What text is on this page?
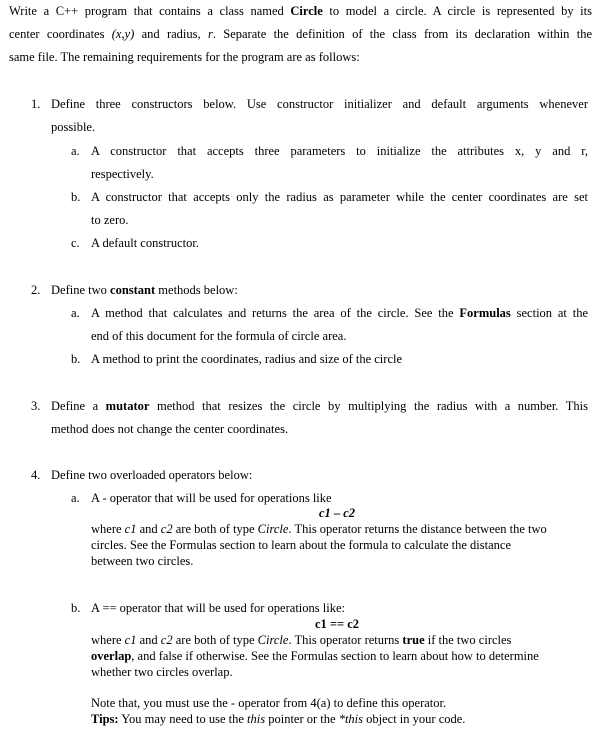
Write a C++ program that contains a class named Circle to model a circle. A circle is represented by its
center coordinates (x,y) and radius, r. Separate the definition of the class from its declaration within the
same file. The remaining requirements for the program are as follows:
1. Define three constructors below. Use constructor initializer and default arguments whenever
possible.
a. A constructor that accepts three parameters to initialize the attributes x, y and r,
respectively.
b. A constructor that accepts only the radius as parameter while the center coordinates are set
to zero.
c. A default constructor.
2. Define two constant methods below:
a. A method that calculates and returns the area of the circle. See the Formulas section at the
end of this document for the formula of circle area.
b. A method to print the coordinates, radius and size of the circle
3. Define a mutator method that resizes the circle by multiplying the radius with a number. This
method does not change the center coordinates.
4. Define two overloaded operators below:
a. A - operator that will be used for operations like
c1 – c2
where c1 and c2 are both of type Circle. This operator returns the distance between the two
circles. See the Formulas section to learn about the formula to calculate the distance
between two circles.
b. A == operator that will be used for operations like:
c1 == c2
where c1 and c2 are both of type Circle. This operator returns true if the two circles
overlap, and false if otherwise. See the Formulas section to learn about how to determine
whether two circles overlap.
Note that, you must use the - operator from 4(a) to define this operator.
Tips: You may need to use the this pointer or the *this object in your code.
